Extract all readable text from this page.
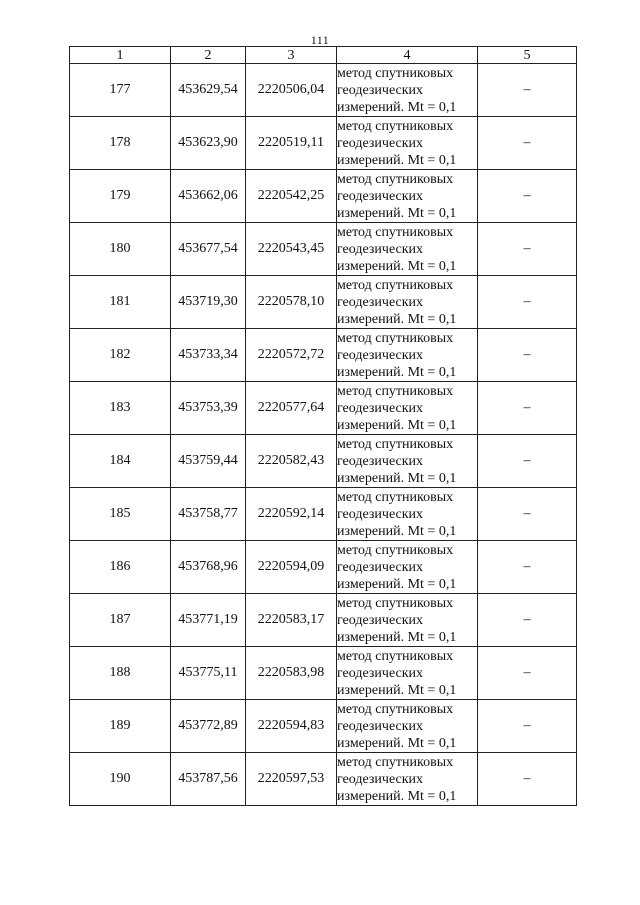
111
1	2	3	4	5
177	453629,54	2220506,04	метод спутниковых
геодезических
измерений. Mt = 0,1	–
178	453623,90	2220519,11	метод спутниковых
геодезических
измерений. Mt = 0,1	–
179	453662,06	2220542,25	метод спутниковых
геодезических
измерений. Mt = 0,1	–
180	453677,54	2220543,45	метод спутниковых
геодезических
измерений. Mt = 0,1	–
181	453719,30	2220578,10	метод спутниковых
геодезических
измерений. Mt = 0,1	–
182	453733,34	2220572,72	метод спутниковых
геодезических
измерений. Mt = 0,1	–
183	453753,39	2220577,64	метод спутниковых
геодезических
измерений. Mt = 0,1	–
184	453759,44	2220582,43	метод спутниковых
геодезических
измерений. Mt = 0,1	–
185	453758,77	2220592,14	метод спутниковых
геодезических
измерений. Mt = 0,1	–
186	453768,96	2220594,09	метод спутниковых
геодезических
измерений. Mt = 0,1	–
187	453771,19	2220583,17	метод спутниковых
геодезических
измерений. Mt = 0,1	–
188	453775,11	2220583,98	метод спутниковых
геодезических
измерений. Mt = 0,1	–
189	453772,89	2220594,83	метод спутниковых
геодезических
измерений. Mt = 0,1	–
190	453787,56	2220597,53	метод спутниковых
геодезических
измерений. Mt = 0,1	–
